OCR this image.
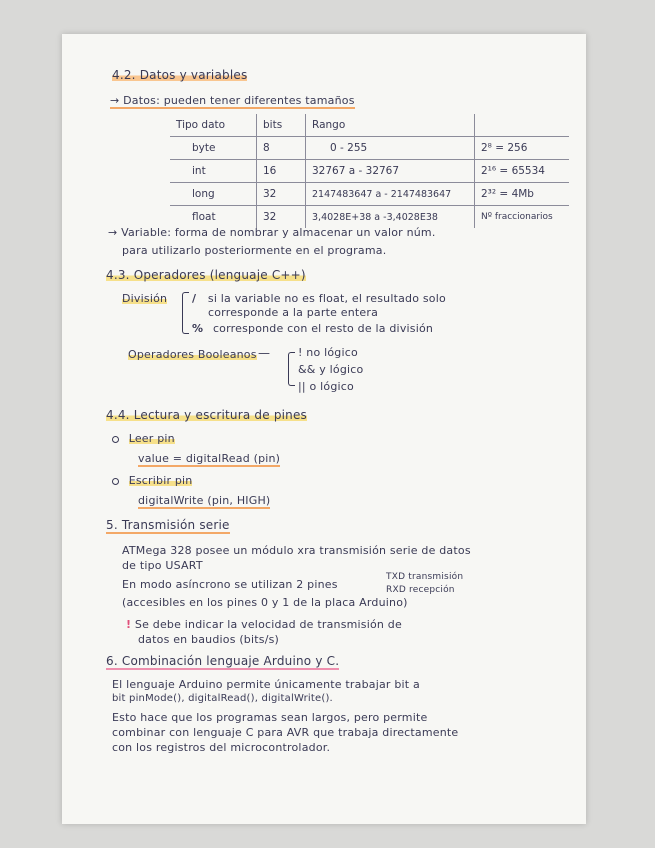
4.2. Datos y variables
→ Datos: pueden tener diferentes tamaños
Tipo dato	bits	Rango	
byte	8	0 - 255	2⁸ = 256
int	16	32767 a - 32767	2¹⁶ = 65534
long	32	2147483647 a - 2147483647	2³² = 4Mb
float	32	3,4028E+38 a -3,4028E38	Nº fraccionarios
→ Variable: forma de nombrar y almacenar un valor núm.
para utilizarlo posteriormente en el programa.
4.3. Operadores (lenguaje C++)
División / si la variable no es float, el resultado solo
corresponde a la parte entera
% corresponde con el resto de la división
Operadores Booleanos —	! no lógico
&& y lógico
|| o lógico
4.4. Lectura y escritura de pines
Leer pin
value = digitalRead (pin)
Escribir pin
digitalWrite (pin, HIGH)
5. Transmisión serie
ATMega 328 posee un módulo xra transmisión serie de datos
de tipo USART
En modo asíncrono se utilizan 2 pines
TXD transmisión
RXD recepción
(accesibles en los pines 0 y 1 de la placa Arduino)
! Se debe indicar la velocidad de transmisión de
datos en baudios (bits/s)
6. Combinación lenguaje Arduino y C.
El lenguaje Arduino permite únicamente trabajar bit a
bit pinMode(), digitalRead(), digitalWrite().
Esto hace que los programas sean largos, pero permite
combinar con lenguaje C para AVR que trabaja directamente
con los registros del microcontrolador.
